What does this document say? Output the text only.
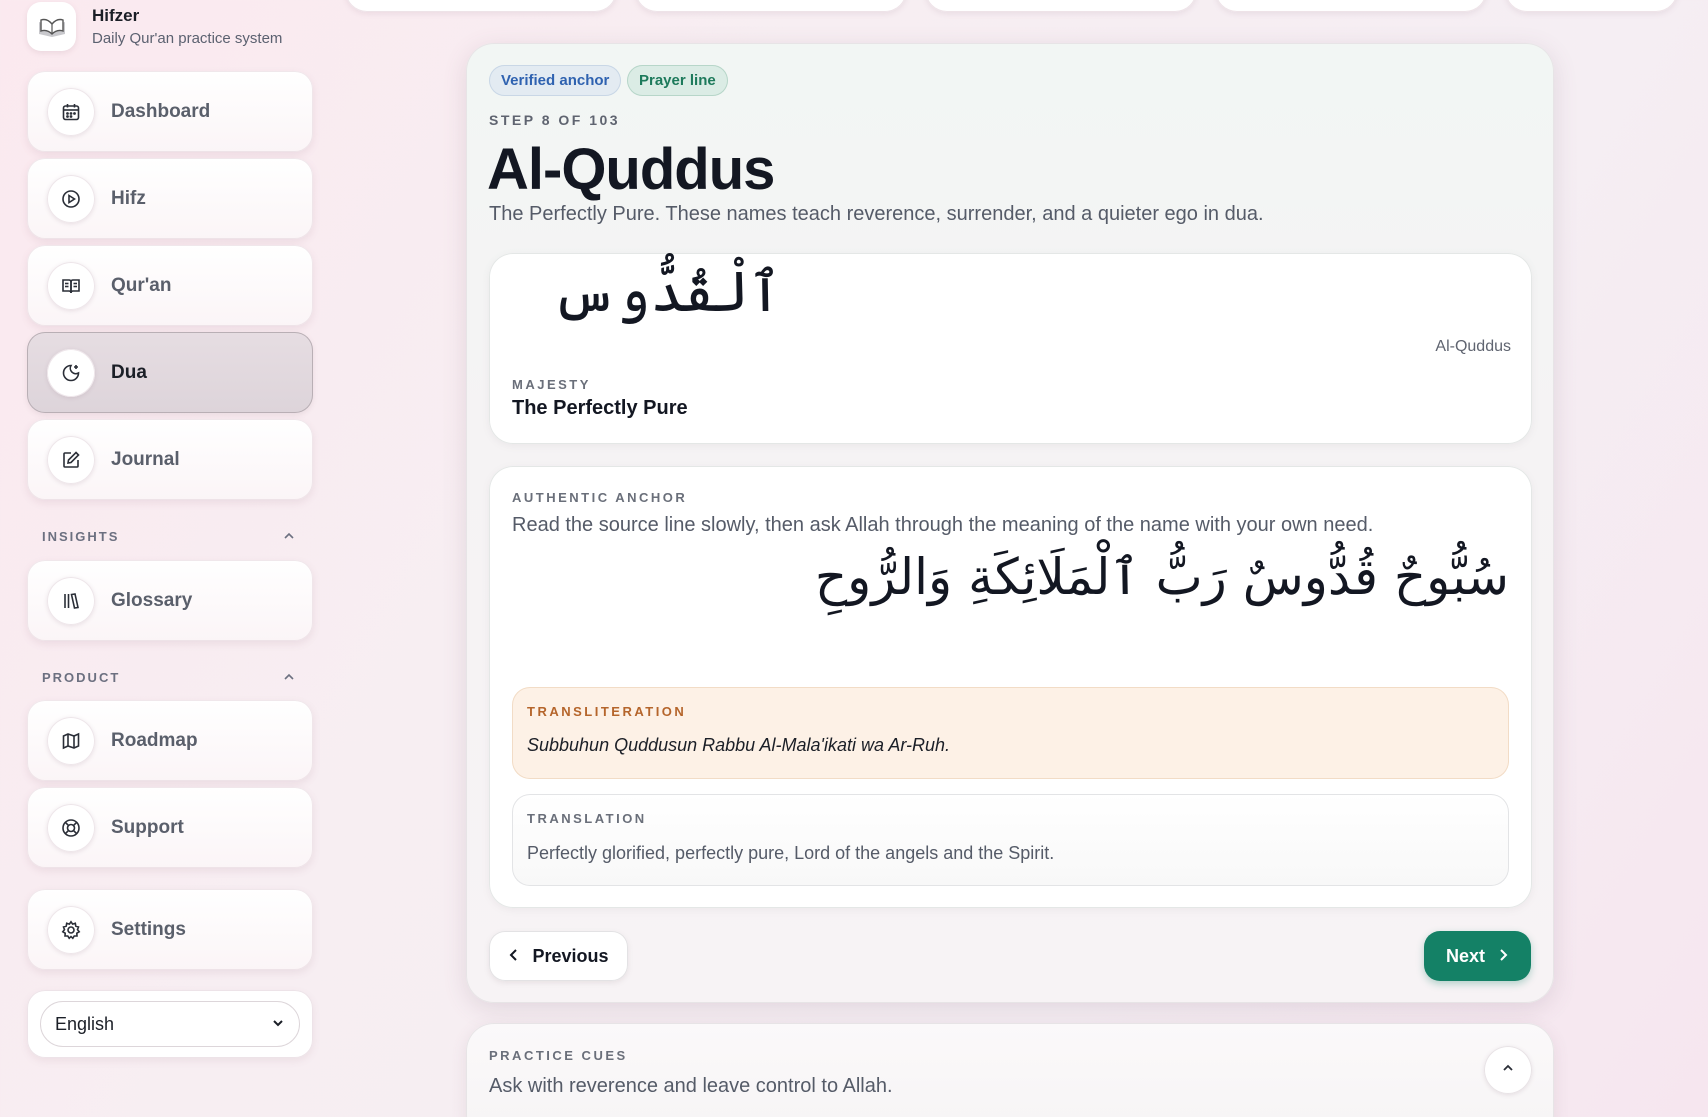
Hifzer
Daily Qur'an practice system
Dashboard
Hifz
Qur'an
Dua
Journal
INSIGHTS
Glossary
PRODUCT
Roadmap
Support
Settings
English
Verified anchor	Prayer line
STEP 8 OF 103
Al-Quddus
The Perfectly Pure. These names teach reverence, surrender, and a quieter ego in dua.
ٱلْقُدُّوس
Al-Quddus
MAJESTY
The Perfectly Pure
AUTHENTIC ANCHOR
Read the source line slowly, then ask Allah through the meaning of the name with your own need.
سُبُّوحٌ قُدُّوسٌ رَبُّ ٱلْمَلَائِكَةِ وَالرُّوحِ
TRANSLITERATION
Subbuhun Quddusun Rabbu Al-Mala'ikati wa Ar-Ruh.
TRANSLATION
Perfectly glorified, perfectly pure, Lord of the angels and the Spirit.
Previous	Next
PRACTICE CUES
Ask with reverence and leave control to Allah.
